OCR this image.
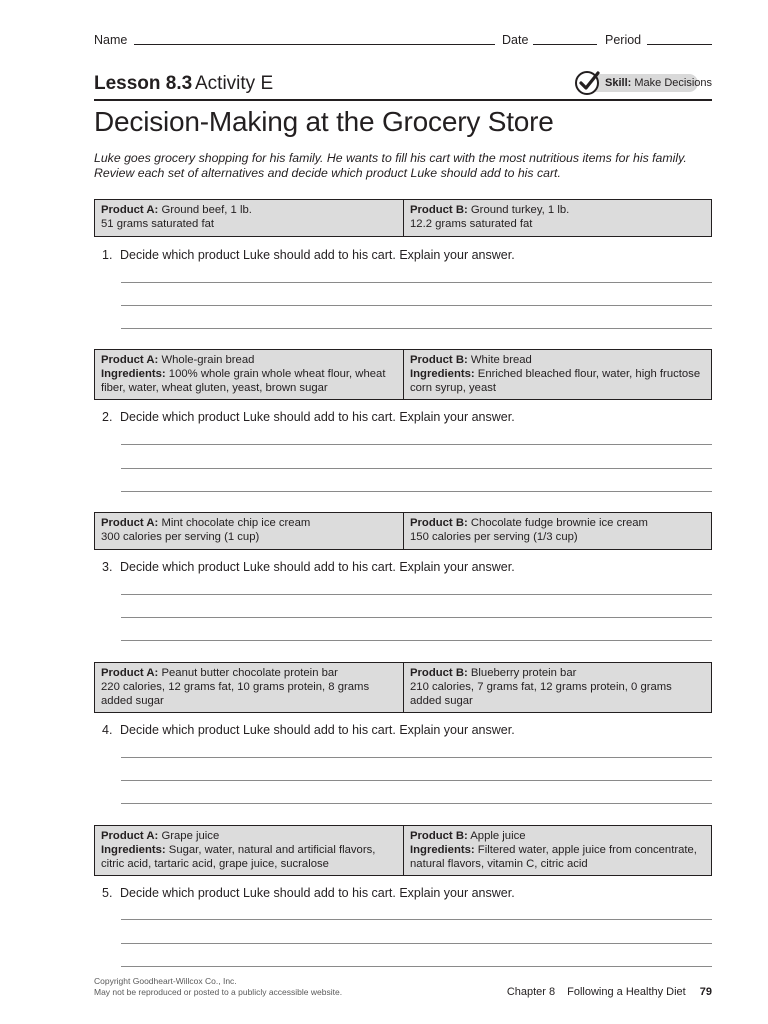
Name	Date	Period
Lesson 8.3 Activity E	Skill: Make Decisions
Decision-Making at the Grocery Store
Luke goes grocery shopping for his family. He wants to fill his cart with the most nutritious items for his family. Review each set of alternatives and decide which product Luke should add to his cart.
Product A: Ground beef, 1 lb.
51 grams saturated fat
Product B: Ground turkey, 1 lb.
12.2 grams saturated fat
1. Decide which product Luke should add to his cart. Explain your answer.
Product A: Whole-grain bread
Ingredients: 100% whole grain whole wheat flour, wheat fiber, water, wheat gluten, yeast, brown sugar
Product B: White bread
Ingredients: Enriched bleached flour, water, high fructose corn syrup, yeast
2. Decide which product Luke should add to his cart. Explain your answer.
Product A: Mint chocolate chip ice cream
300 calories per serving (1 cup)
Product B: Chocolate fudge brownie ice cream
150 calories per serving (1/3 cup)
3. Decide which product Luke should add to his cart. Explain your answer.
Product A: Peanut butter chocolate protein bar
220 calories, 12 grams fat, 10 grams protein, 8 grams added sugar
Product B: Blueberry protein bar
210 calories, 7 grams fat, 12 grams protein, 0 grams added sugar
4. Decide which product Luke should add to his cart. Explain your answer.
Product A: Grape juice
Ingredients: Sugar, water, natural and artificial flavors, citric acid, tartaric acid, grape juice, sucralose
Product B: Apple juice
Ingredients: Filtered water, apple juice from concentrate, natural flavors, vitamin C, citric acid
5. Decide which product Luke should add to his cart. Explain your answer.
Copyright Goodheart-Willcox Co., Inc.
May not be reproduced or posted to a publicly accessible website.	Chapter 8 Following a Healthy Diet 79
